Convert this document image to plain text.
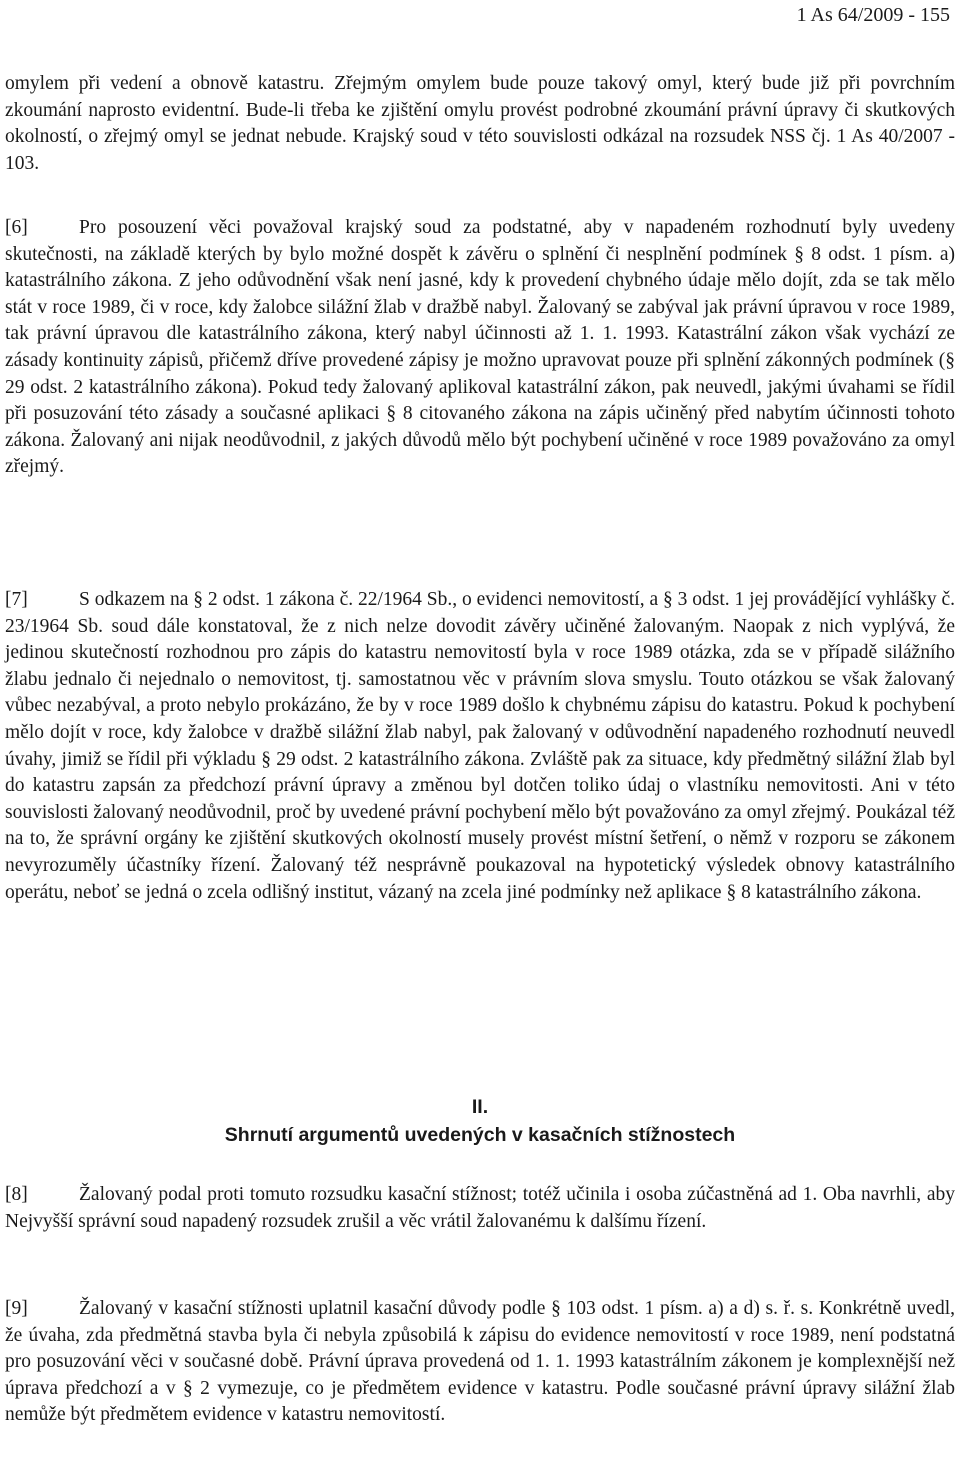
1 As 64/2009 - 155

omylem při vedení a obnově katastru. Zřejmým omylem bude pouze takový omyl, který bude již při povrchním zkoumání naprosto evidentní. Bude-li třeba ke zjištění omylu provést podrobné zkoumání právní úpravy či skutkových okolností, o zřejmý omyl se jednat nebude. Krajský soud v této souvislosti odkázal na rozsudek NSS čj. 1 As 40/2007 - 103.

[6]	Pro posouzení věci považoval krajský soud za podstatné, aby v napadeném rozhodnutí byly uvedeny skutečnosti, na základě kterých by bylo možné dospět k závěru o splnění či nesplnění podmínek § 8 odst. 1 písm. a) katastrálního zákona. Z jeho odůvodnění však není jasné, kdy k provedení chybného údaje mělo dojít, zda se tak mělo stát v roce 1989, či v roce, kdy žalobce silážní žlab v dražbě nabyl. Žalovaný se zabýval jak právní úpravou v roce 1989, tak právní úpravou dle katastrálního zákona, který nabyl účinnosti až 1. 1. 1993. Katastrální zákon však vychází ze zásady kontinuity zápisů, přičemž dříve provedené zápisy je možno upravovat pouze při splnění zákonných podmínek (§ 29 odst. 2 katastrálního zákona). Pokud tedy žalovaný aplikoval katastrální zákon, pak neuvedl, jakými úvahami se řídil při posuzování této zásady a současné aplikaci § 8 citovaného zákona na zápis učiněný před nabytím účinnosti tohoto zákona. Žalovaný ani nijak neodůvodnil, z jakých důvodů mělo být pochybení učiněné v roce 1989 považováno za omyl zřejmý.

[7]	S odkazem na § 2 odst. 1 zákona č. 22/1964 Sb., o evidenci nemovitostí, a § 3 odst. 1 jej provádějící vyhlášky č. 23/1964 Sb. soud dále konstatoval, že z nich nelze dovodit závěry učiněné žalovaným. Naopak z nich vyplývá, že jedinou skutečností rozhodnou pro zápis do katastru nemovitostí byla v roce 1989 otázka, zda se v případě silážního žlabu jednalo či nejednalo o nemovitost, tj. samostatnou věc v právním slova smyslu. Touto otázkou se však žalovaný vůbec nezabýval, a proto nebylo prokázáno, že by v roce 1989 došlo k chybnému zápisu do katastru. Pokud k pochybení mělo dojít v roce, kdy žalobce v dražbě silážní žlab nabyl, pak žalovaný v odůvodnění napadeného rozhodnutí neuvedl úvahy, jimiž se řídil při výkladu § 29 odst. 2 katastrálního zákona. Zvláště pak za situace, kdy předmětný silážní žlab byl do katastru zapsán za předchozí právní úpravy a změnou byl dotčen toliko údaj o vlastníku nemovitosti. Ani v této souvislosti žalovaný neodůvodnil, proč by uvedené právní pochybení mělo být považováno za omyl zřejmý. Poukázal též na to, že správní orgány ke zjištění skutkových okolností musely provést místní šetření, o němž v rozporu se zákonem nevyrozuměly účastníky řízení. Žalovaný též nesprávně poukazoval na hypotetický výsledek obnovy katastrálního operátu, neboť se jedná o zcela odlišný institut, vázaný na zcela jiné podmínky než aplikace § 8 katastrálního zákona.

II.
Shrnutí argumentů uvedených v kasačních stížnostech

[8]	Žalovaný podal proti tomuto rozsudku kasační stížnost; totéž učinila i osoba zúčastněná ad 1. Oba navrhli, aby Nejvyšší správní soud napadený rozsudek zrušil a věc vrátil žalovanému k dalšímu řízení.

[9]	Žalovaný v kasační stížnosti uplatnil kasační důvody podle § 103 odst. 1 písm. a) a d) s. ř. s. Konkrétně uvedl, že úvaha, zda předmětná stavba byla či nebyla způsobilá k zápisu do evidence nemovitostí v roce 1989, není podstatná pro posuzování věci v současné době. Právní úprava provedená od 1. 1. 1993 katastrálním zákonem je komplexnější než úprava předchozí a v § 2 vymezuje, co je předmětem evidence v katastru. Podle současné právní úpravy silážní žlab nemůže být předmětem evidence v katastru nemovitostí.
